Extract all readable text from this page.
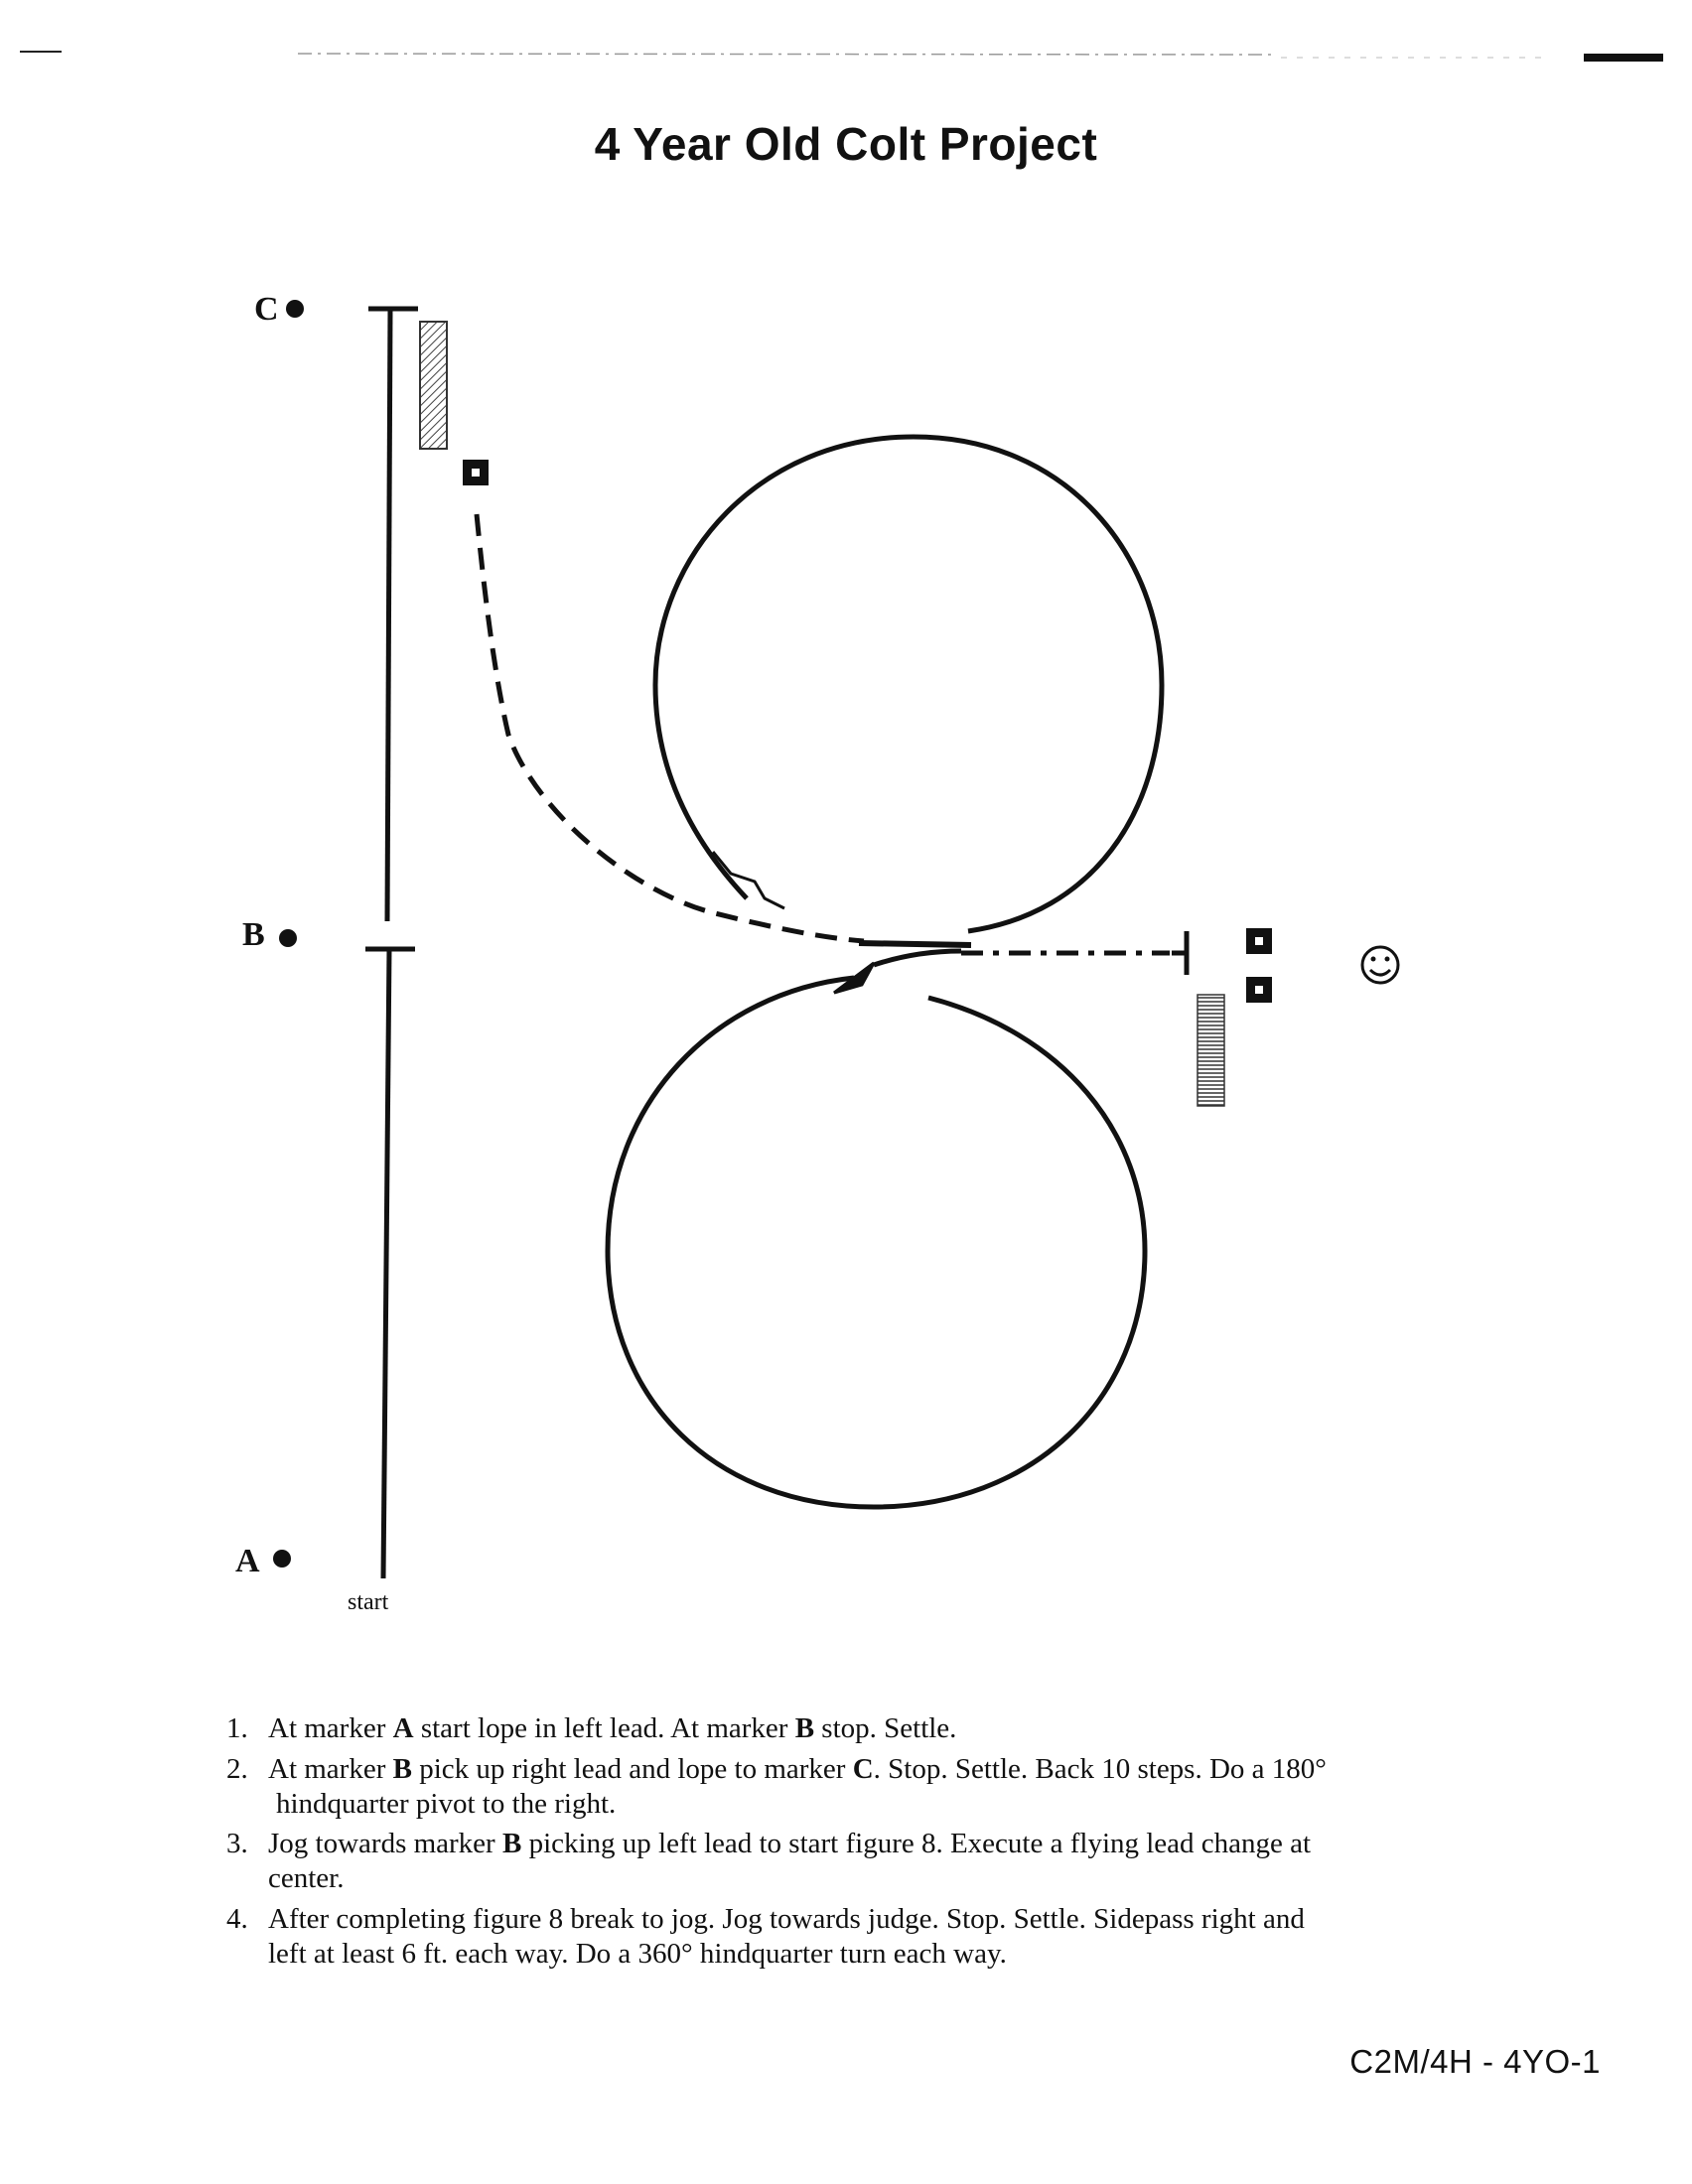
4 Year Old Colt Project
C
B
A
start
1. At marker A start lope in left lead. At marker B stop. Settle.
2. At marker B pick up right lead and lope to marker C. Stop. Settle. Back 10 steps. Do a 180°
hindquarter pivot to the right.
3. Jog towards marker B picking up left lead to start figure 8. Execute a flying lead change at
center.
4. After completing figure 8 break to jog. Jog towards judge. Stop. Settle. Sidepass right and
left at least 6 ft. each way. Do a 360° hindquarter turn each way.
C2M/4H - 4YO-1
